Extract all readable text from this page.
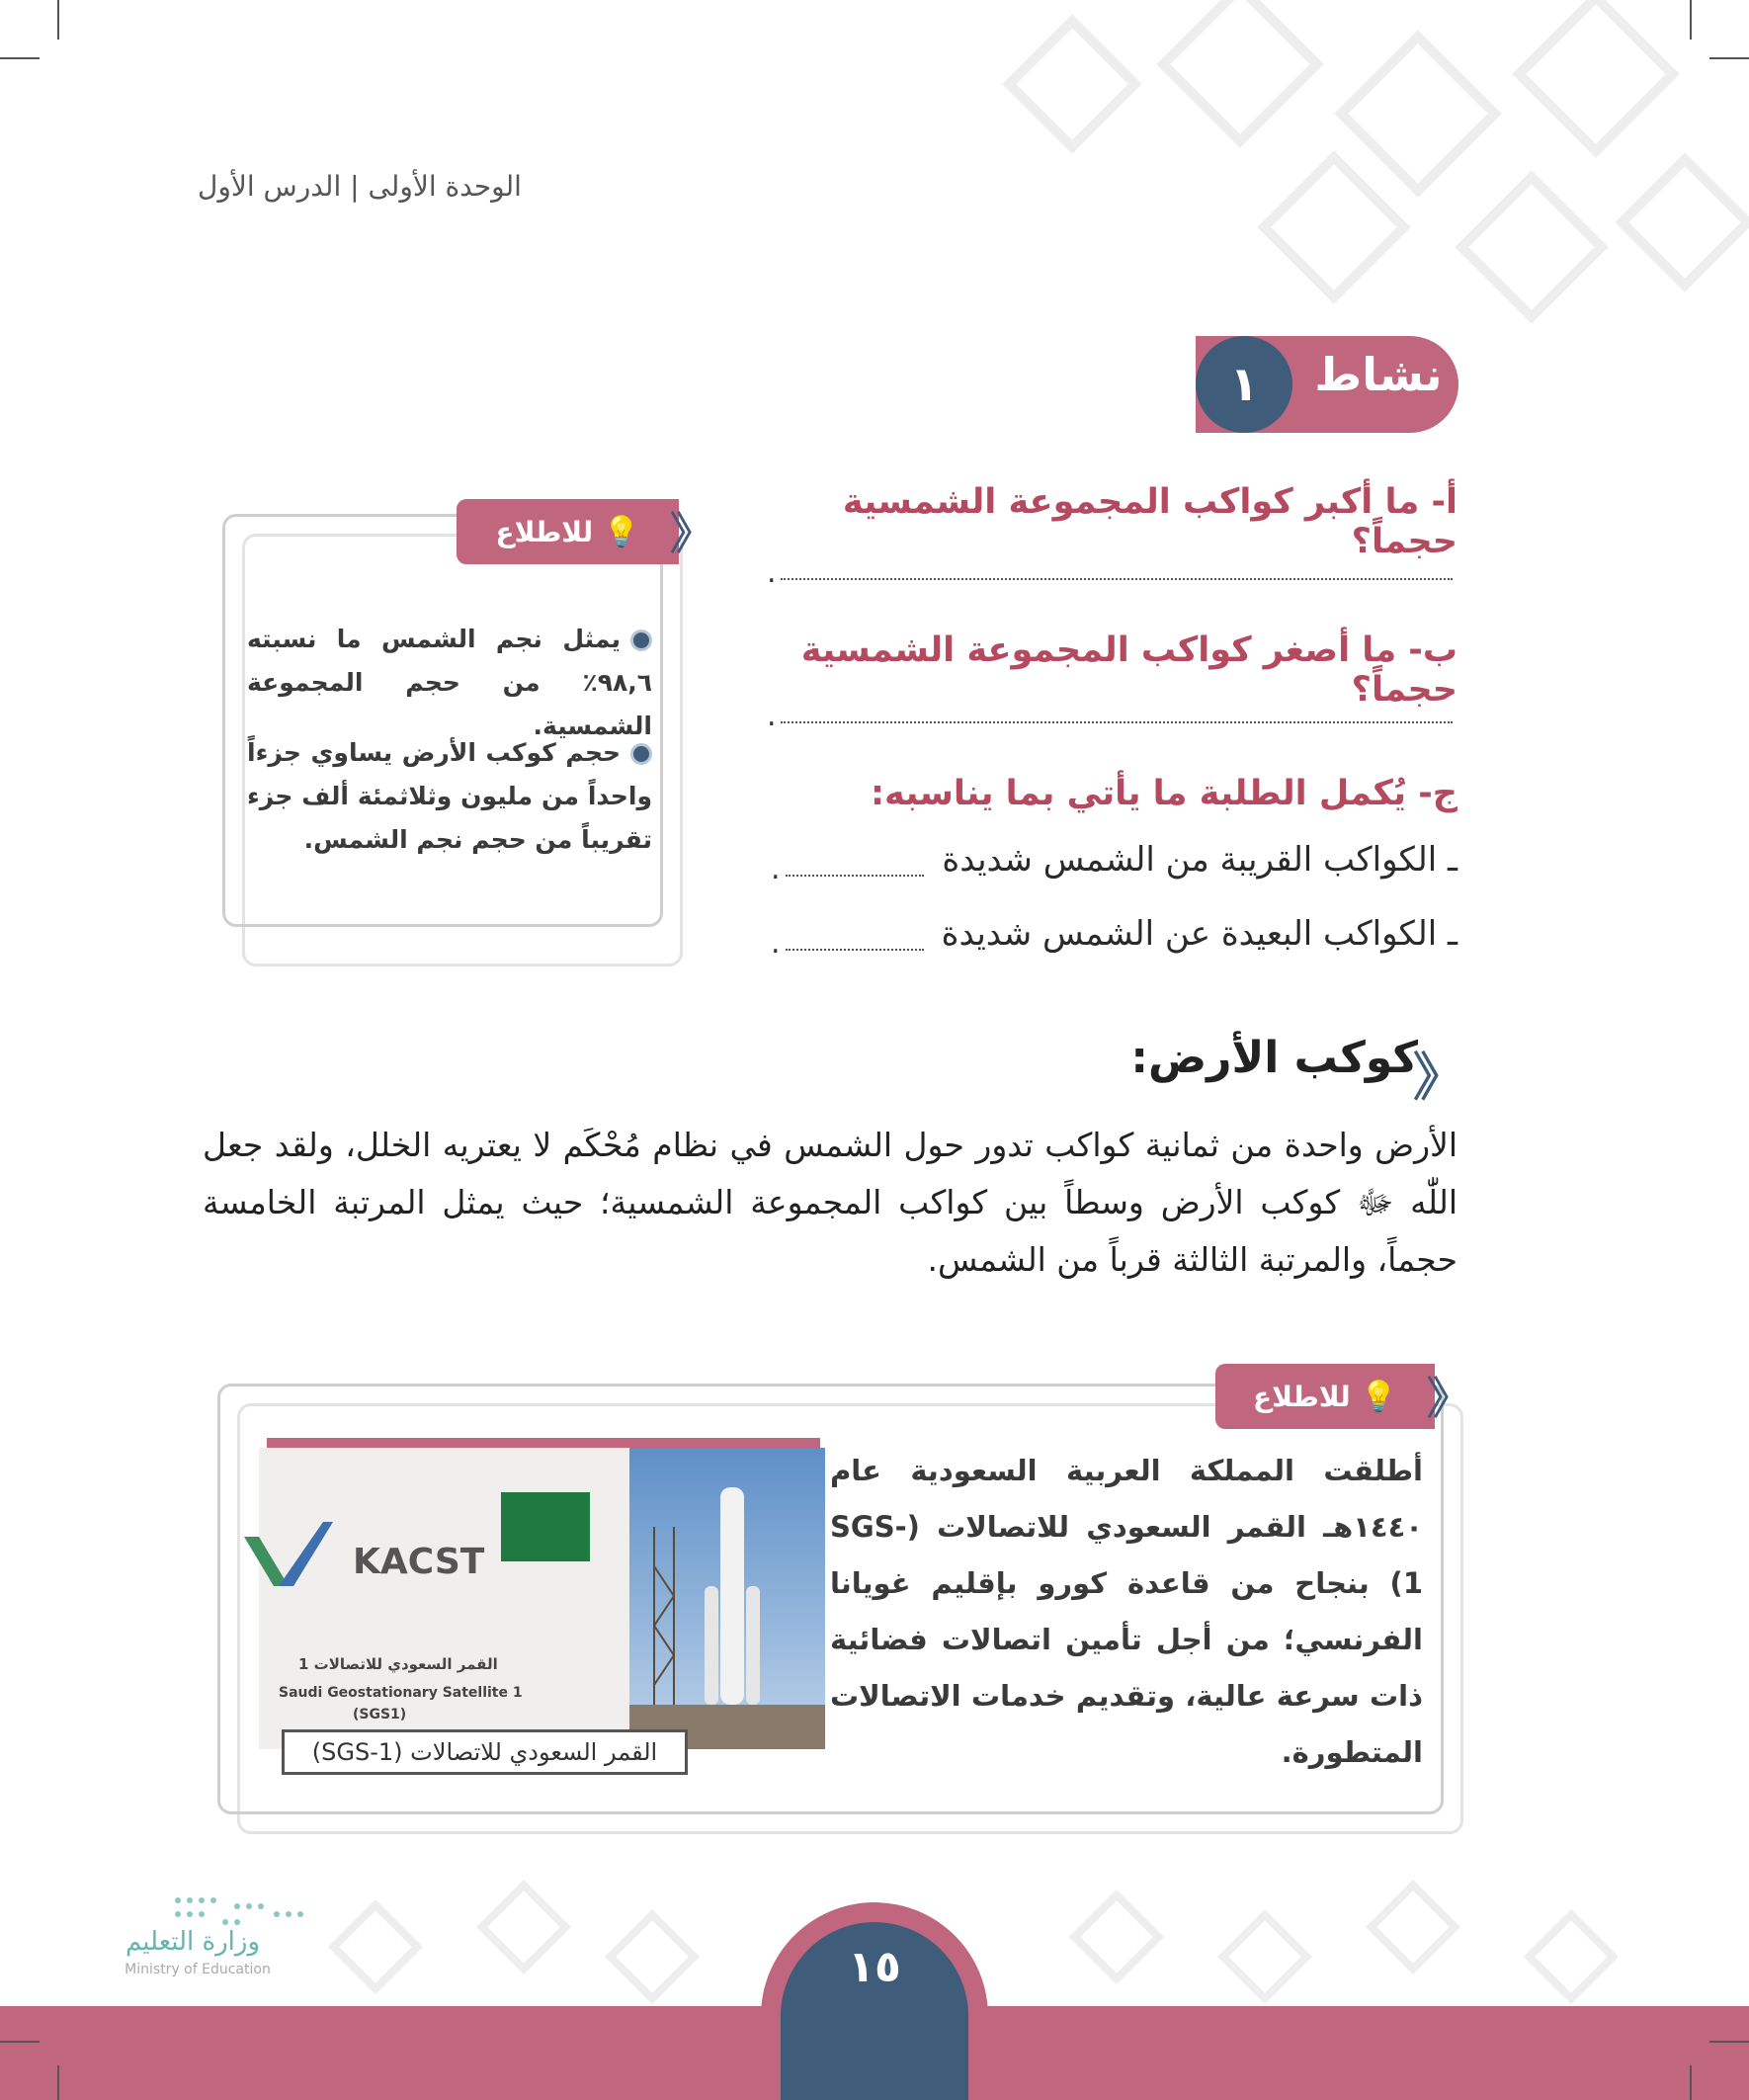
الوحدة الأولى | الدرس الأول
نشاط
١
أ- ما أكبر كواكب المجموعة الشمسية حجماً؟
.
ب- ما أصغر كواكب المجموعة الشمسية حجماً؟
.
ج- يُكمل الطلبة ما يأتي بما يناسبه:
ـ الكواكب القريبة من الشمس شديدة
.
ـ الكواكب البعيدة عن الشمس شديدة
.
💡
للاطلاع 《
يمثل نجم الشمس ما نسبته ٩٨,٦٪ من حجم المجموعة الشمسية.
حجم كوكب الأرض يساوي جزءاً واحداً من مليون وثلاثمئة ألف جزء تقريباً من حجم نجم الشمس.
《
كوكب الأرض:
الأرض واحدة من ثمانية كواكب تدور حول الشمس في نظام مُحْكَم لا يعتريه الخلل، ولقد جعل اللّٰه ﷻ كوكب الأرض وسطاً بين كواكب المجموعة الشمسية؛ حيث يمثل المرتبة الخامسة حجماً، والمرتبة الثالثة قرباً من الشمس.
💡
للاطلاع 《
أطلقت المملكة العربية السعودية عام ١٤٤٠هـ القمر السعودي للاتصالات (SGS-1) بنجاح من قاعدة كورو بإقليم غويانا الفرنسي؛ من أجل تأمين اتصالات فضائية ذات سرعة عالية، وتقديم خدمات الاتصالات المتطورة.
KACST
القمر السعودي للاتصالات 1
Saudi Geostationary Satellite 1
(SGS1)
القمر السعودي للاتصالات (SGS-1)
١٥
وزارة التعليم
Ministry of Education
